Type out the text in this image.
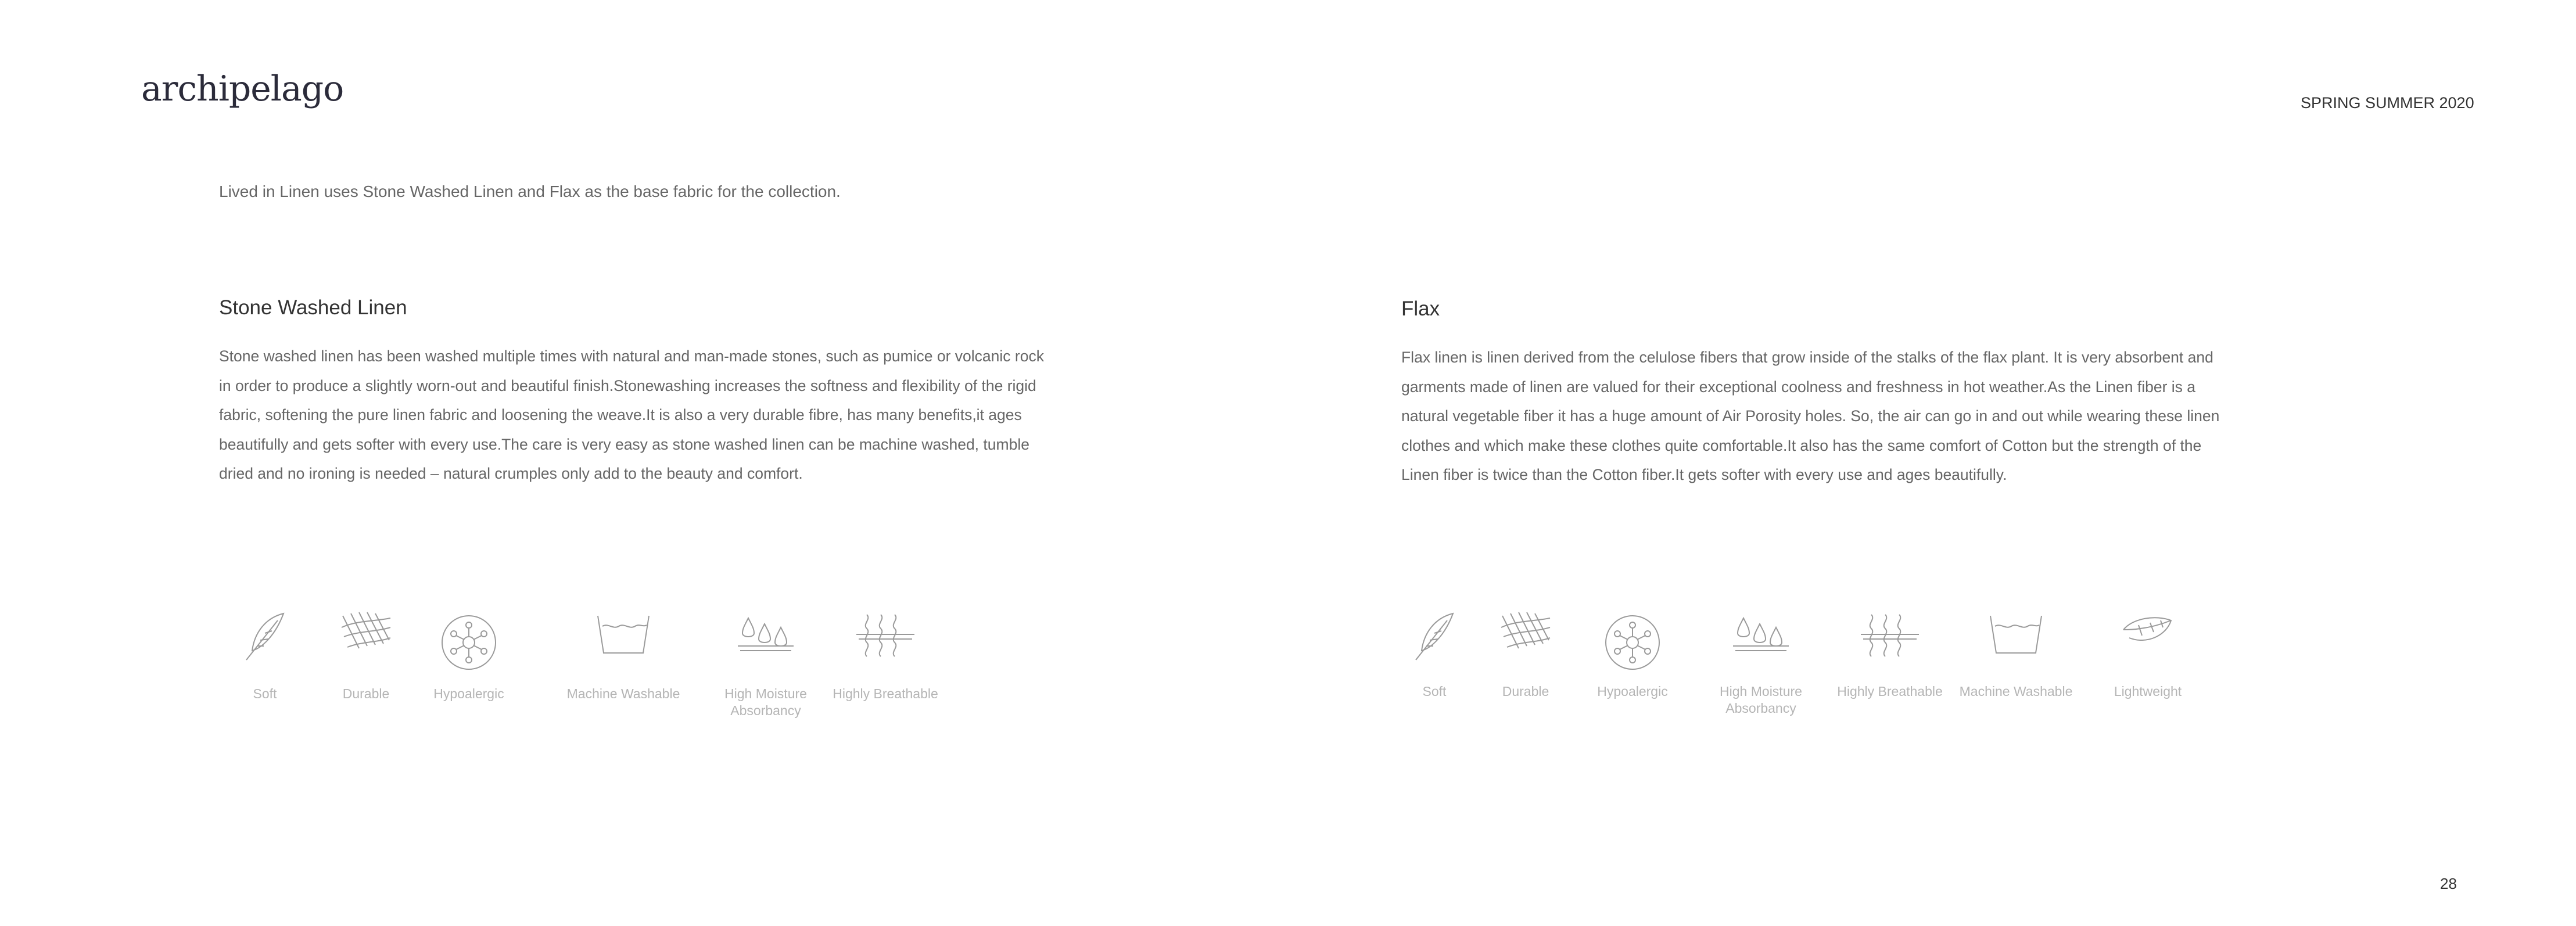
archipelago	SPRING SUMMER 2020
Lived in Linen uses Stone Washed Linen and Flax as the base fabric for the collection.
Stone Washed Linen

Stone washed linen has been washed multiple times with natural and man-made stones, such as pumice or volcanic rock in order to produce a slightly worn-out and beautiful finish.Stonewashing increases the softness and flexibility of the rigid fabric, softening the pure linen fabric and loosening the weave.It is also a very durable fibre, has many benefits,it ages beautifully and gets softer with every use.The care is very easy as stone washed linen can be machine washed, tumble dried and no ironing is needed – natural crumples only add to the beauty and comfort.

Flax

Flax linen is linen derived from the celulose fibers that grow inside of the stalks of the flax plant. It is very absorbent and garments made of linen are valued for their exceptional coolness and freshness in hot weather.As the Linen fiber is a natural vegetable fiber it has a huge amount of Air Porosity holes. So, the air can go in and out while wearing these linen clothes and which make these clothes quite comfortable.It also has the same comfort of Cotton but the strength of the Linen fiber is twice than the Cotton fiber.It gets softer with every use and ages beautifully.

Soft	Durable	Hypoalergic	Machine Washable	High Moisture Absorbancy
Highly Breathable	Soft	Durable	Hypoalergic	High Moisture Absorbancy
Highly Breathable	Machine Washable	Lightweight
28
